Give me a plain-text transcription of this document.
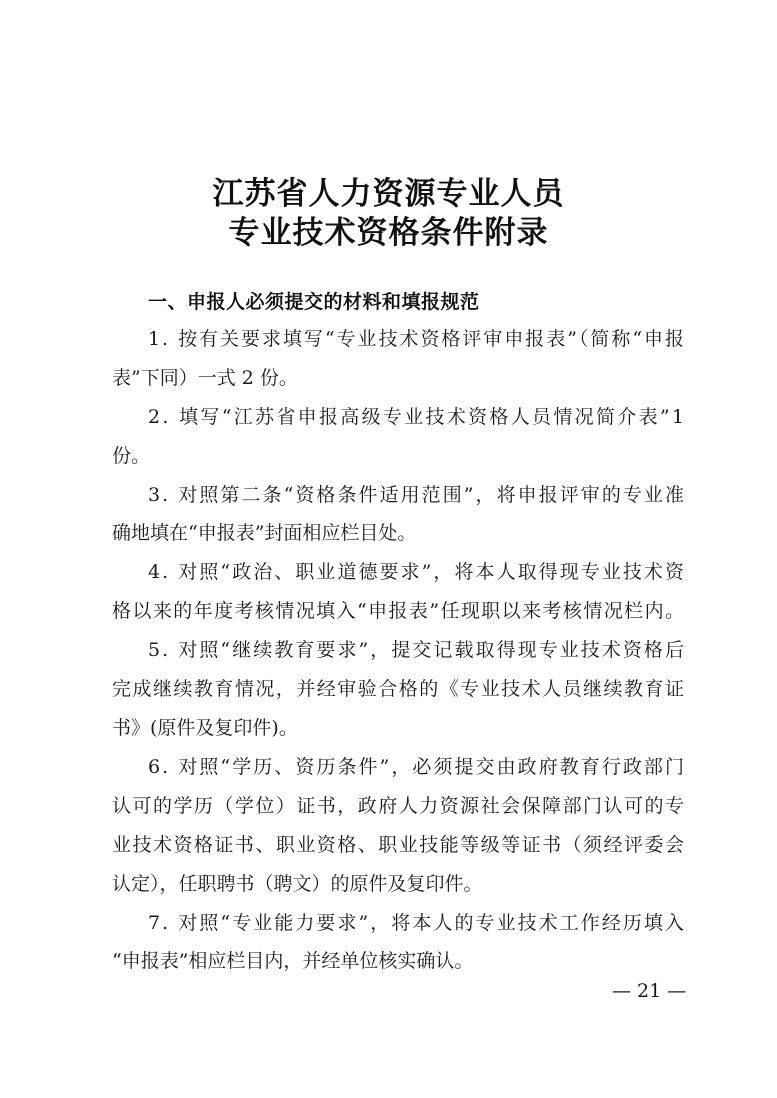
江苏省人力资源专业人员
专业技术资格条件附录
一、申报人必须提交的材料和填报规范
1. 按有关要求填写“专业技术资格评审申报表”（简称“申报
表”下同）一式 2 份。
2. 填写“江苏省申报高级专业技术资格人员情况简介表”1
份。
3. 对照第二条“资格条件适用范围”，将申报评审的专业准
确地填在“申报表”封面相应栏目处。
4. 对照“政治、职业道德要求”，将本人取得现专业技术资
格以来的年度考核情况填入“申报表”任现职以来考核情况栏内。
5. 对照“继续教育要求”，提交记载取得现专业技术资格后
完成继续教育情况，并经审验合格的《专业技术人员继续教育证
书》(原件及复印件)。
6. 对照“学历、资历条件”，必须提交由政府教育行政部门
认可的学历（学位）证书，政府人力资源社会保障部门认可的专
业技术资格证书、职业资格、职业技能等级等证书（须经评委会
认定），任职聘书（聘文）的原件及复印件。
7. 对照“专业能力要求”，将本人的专业技术工作经历填入
“申报表”相应栏目内，并经单位核实确认。
— 21 —
